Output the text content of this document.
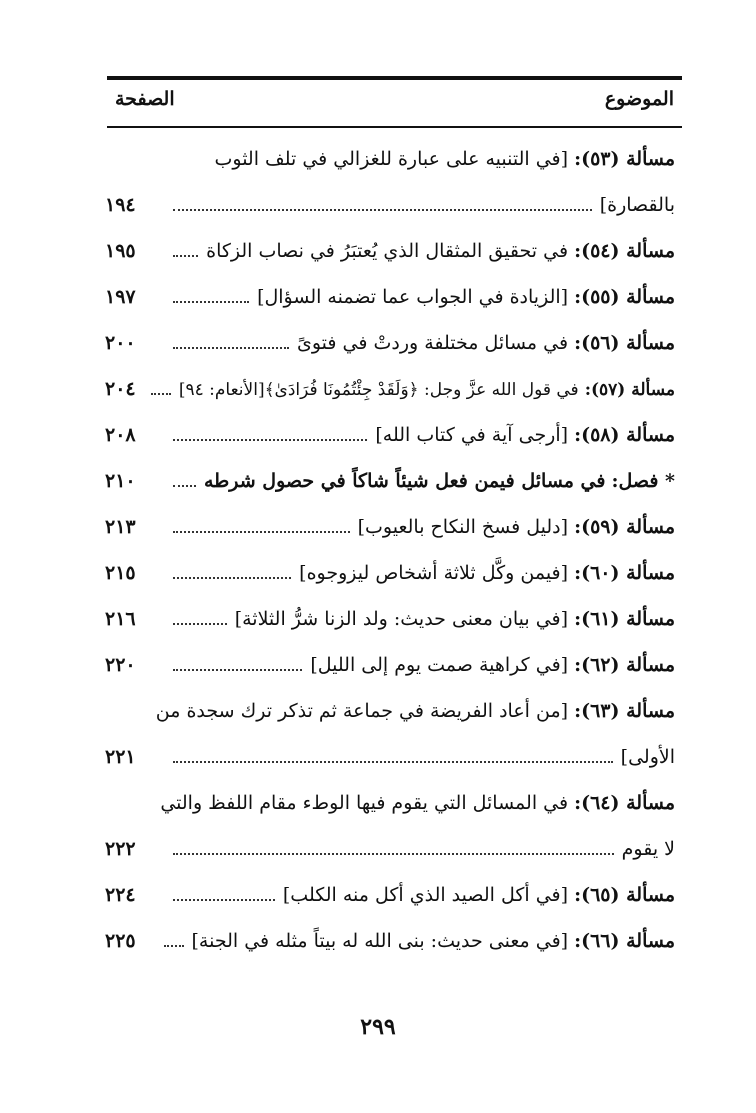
الموضوع
الصفحة
مسألة (٥٣):
[في التنبيه على عبارة للغزالي في تلف الثوب
بالقصارة]
١٩٤
مسألة (٥٤):
في تحقيق المثقال الذي يُعتبَرُ في نصاب الزكاة
١٩٥
مسألة (٥٥):
[الزيادة في الجواب عما تضمنه السؤال]
١٩٧
مسألة (٥٦):
في مسائل مختلفة وردتْ في فتوىً
٢٠٠
مسألة (٥٧):
في قول الله عزَّ وجل: ﴿وَلَقَدْ جِئْتُمُونَا فُرَادَىٰ﴾[الأنعام: ٩٤]
٢٠٤
مسألة (٥٨):
[أرجى آية في كتاب الله]
٢٠٨
* فصل:
في مسائل فيمن فعل شيئاً شاكاً في حصول شرطه
٢١٠
مسألة (٥٩):
[دليل فسخ النكاح بالعيوب]
٢١٣
مسألة (٦٠):
[فيمن وكَّل ثلاثة أشخاص ليزوجوه]
٢١٥
مسألة (٦١):
[في بيان معنى حديث: ولد الزنا شرُّ الثلاثة]
٢١٦
مسألة (٦٢):
[في كراهية صمت يوم إلى الليل]
٢٢٠
مسألة (٦٣):
[من أعاد الفريضة في جماعة ثم تذكر ترك سجدة من
الأولى]
٢٢١
مسألة (٦٤):
في المسائل التي يقوم فيها الوطء مقام اللفظ والتي
لا يقوم
٢٢٢
مسألة (٦٥):
[في أكل الصيد الذي أكل منه الكلب]
٢٢٤
مسألة (٦٦):
[في معنى حديث: بنى الله له بيتاً مثله في الجنة]
٢٢٥
٢٩٩
